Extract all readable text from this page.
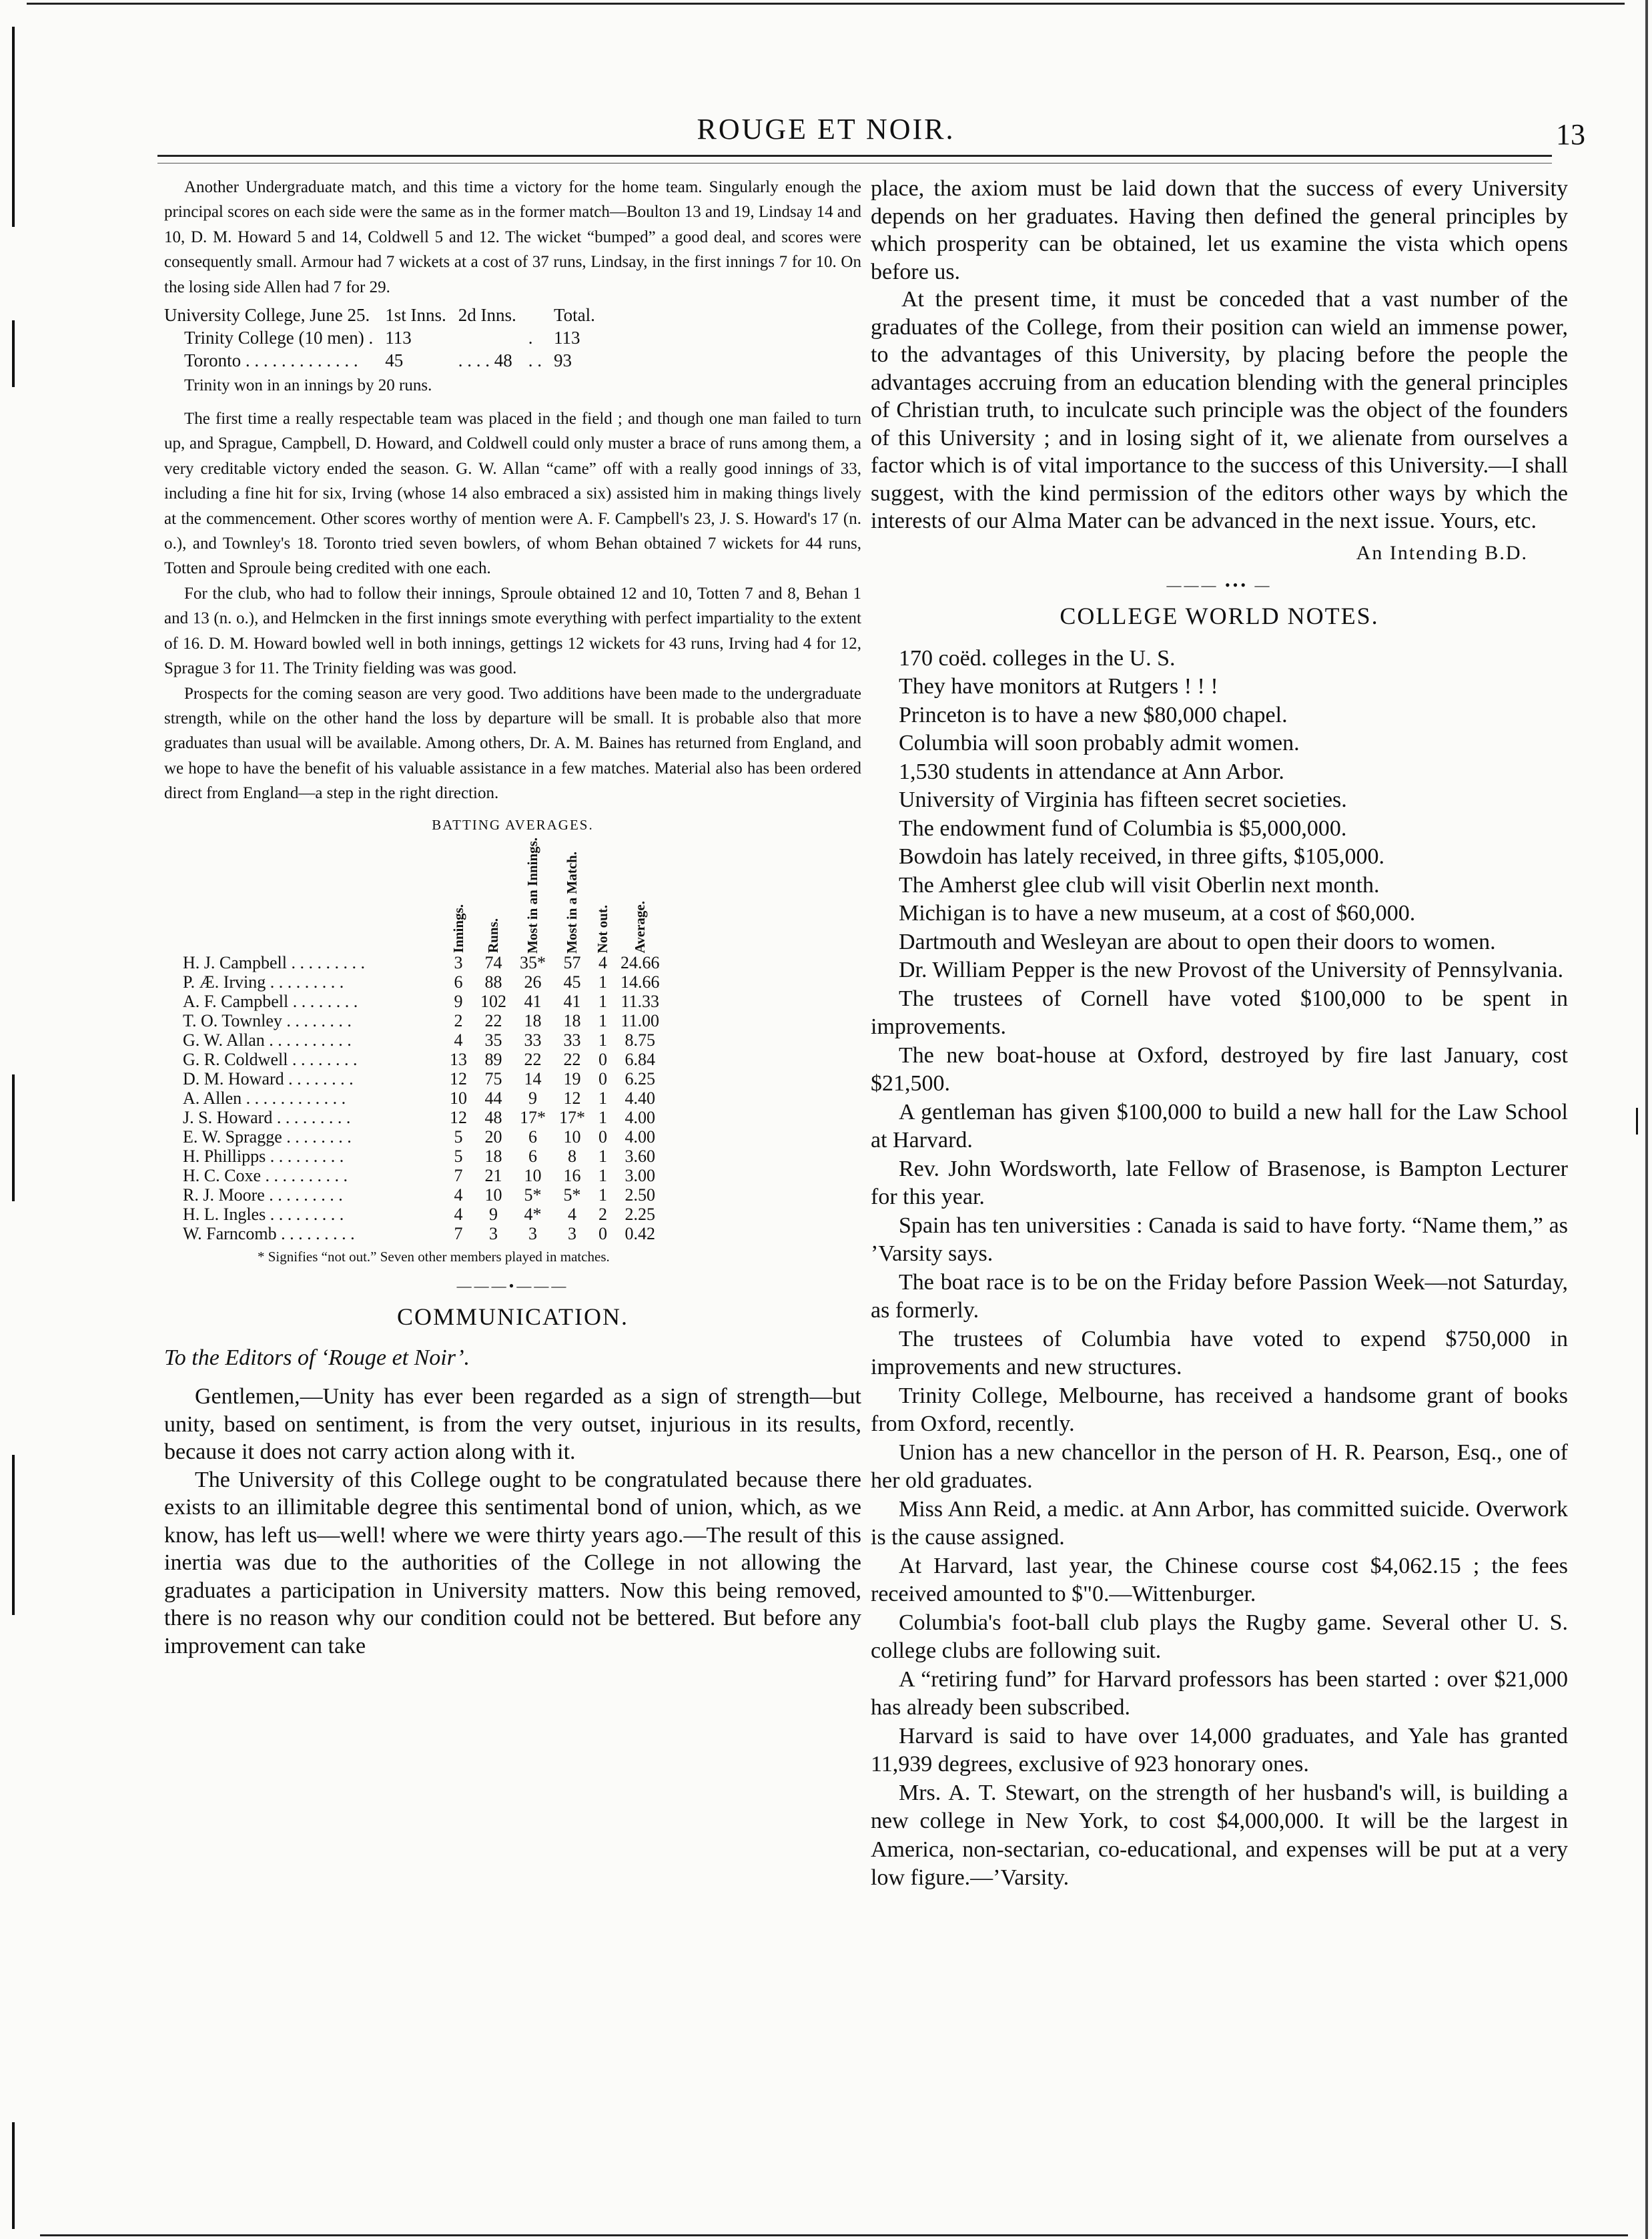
ROUGE ET NOIR.	13

Another Undergraduate match, and this time a victory for the home team. Singularly enough the principal scores on each side were the same as in the former match—Boulton 13 and 19, Lindsay 14 and 10, D. M. Howard 5 and 14, Coldwell 5 and 12. The wicket “bumped” a good deal, and scores were consequently small. Armour had 7 wickets at a cost of 37 runs, Lindsay, in the first innings 7 for 10. On the losing side Allen had 7 for 29.

University College, June 25.	1st Inns.	2d Inns.		Total.
Trinity College (10 men) .	113		.	113
Toronto . . . . . . . . . . . . .	45	. . . . 48	. .	93

Trinity won in an innings by 20 runs.

The first time a really respectable team was placed in the field ; and though one man failed to turn up, and Sprague, Campbell, D. Howard, and Coldwell could only muster a brace of runs among them, a very creditable victory ended the season. G. W. Allan “came” off with a really good innings of 33, including a fine hit for six, Irving (whose 14 also embraced a six) assisted him in making things lively at the commencement. Other scores worthy of mention were A. F. Campbell's 23, J. S. Howard's 17 (n. o.), and Townley's 18. Toronto tried seven bowlers, of whom Behan obtained 7 wickets for 44 runs, Totten and Sproule being credited with one each.

For the club, who had to follow their innings, Sproule obtained 12 and 10, Totten 7 and 8, Behan 1 and 13 (n. o.), and Helmcken in the first innings smote everything with perfect impartiality to the extent of 16. D. M. Howard bowled well in both innings, gettings 12 wickets for 43 runs, Irving had 4 for 12, Sprague 3 for 11. The Trinity fielding was was good.

Prospects for the coming season are very good. Two additions have been made to the undergraduate strength, while on the other hand the loss by departure will be small. It is probable also that more graduates than usual will be available. Among others, Dr. A. M. Baines has returned from England, and we hope to have the benefit of his valuable assistance in a few matches. Material also has been ordered direct from England—a step in the right direction.

BATTING AVERAGES.

	Innings.	Runs.	Most in an Innings.	Most in a Match.	Not out.	Average.

H. J. Campbell . . . . . . . . .	3	74	35*	57	4	24.66
P. Æ. Irving . . . . . . . . .	6	88	26	45	1	14.66
A. F. Campbell . . . . . . . .	9	102	41	41	1	11.33
T. O. Townley . . . . . . . .	2	22	18	18	1	11.00
G. W. Allan . . . . . . . . . .	4	35	33	33	1	8.75
G. R. Coldwell . . . . . . . .	13	89	22	22	0	6.84
D. M. Howard . . . . . . . .	12	75	14	19	0	6.25
A. Allen . . . . . . . . . . . .	10	44	9	12	1	4.40
J. S. Howard . . . . . . . . .	12	48	17*	17*	1	4.00
E. W. Spragge . . . . . . . .	5	20	6	10	0	4.00
H. Phillipps . . . . . . . . .	5	18	6	8	1	3.60
H. C. Coxe . . . . . . . . . .	7	21	10	16	1	3.00
R. J. Moore . . . . . . . . .	4	10	5*	5*	1	2.50
H. L. Ingles . . . . . . . . .	4	9	4*	4	2	2.25
W. Farncomb . . . . . . . . .	7	3	3	3	0	0.42

* Signifies “not out.” Seven other members played in matches.

———•———
COMMUNICATION.

To the Editors of ‘Rouge et Noir’.

Gentlemen,—Unity has ever been regarded as a sign of strength—but unity, based on sentiment, is from the very outset, injurious in its results, because it does not carry action along with it.

The University of this College ought to be congratulated because there exists to an illimitable degree this sentimental bond of union, which, as we know, has left us—well! where we were thirty years ago.—The result of this inertia was due to the authorities of the College in not allowing the graduates a participation in University matters. Now this being removed, there is no reason why our condition could not be bettered. But before any improvement can take

place, the axiom must be laid down that the success of every University depends on her graduates. Having then defined the general principles by which prosperity can be obtained, let us examine the vista which opens before us.

At the present time, it must be conceded that a vast number of the graduates of the College, from their position can wield an immense power, to the advantages of this University, by placing before the people the advantages accruing from an education blending with the general principles of Christian truth, to inculcate such principle was the object of the founders of this University ; and in losing sight of it, we alienate from ourselves a factor which is of vital importance to the success of this University.—I shall suggest, with the kind permission of the editors other ways by which the interests of our Alma Mater can be advanced in the next issue. Yours, etc.

An Intending B.D.

——— ••• —
COLLEGE WORLD NOTES.

170 coëd. colleges in the U. S.

They have monitors at Rutgers ! ! !

Princeton is to have a new $80,000 chapel.

Columbia will soon probably admit women.

1,530 students in attendance at Ann Arbor.

University of Virginia has fifteen secret societies.

The endowment fund of Columbia is $5,000,000.

Bowdoin has lately received, in three gifts, $105,000.

The Amherst glee club will visit Oberlin next month.

Michigan is to have a new museum, at a cost of $60,000.

Dartmouth and Wesleyan are about to open their doors to women.

Dr. William Pepper is the new Provost of the University of Pennsylvania.

The trustees of Cornell have voted $100,000 to be spent in improvements.

The new boat-house at Oxford, destroyed by fire last January, cost $21,500.

A gentleman has given $100,000 to build a new hall for the Law School at Harvard.

Rev. John Wordsworth, late Fellow of Brasenose, is Bampton Lecturer for this year.

Spain has ten universities : Canada is said to have forty. “Name them,” as ’Varsity says.

The boat race is to be on the Friday before Passion Week—not Saturday, as formerly.

The trustees of Columbia have voted to expend $750,000 in improvements and new structures.

Trinity College, Melbourne, has received a handsome grant of books from Oxford, recently.

Union has a new chancellor in the person of H. R. Pearson, Esq., one of her old graduates.

Miss Ann Reid, a medic. at Ann Arbor, has committed suicide. Overwork is the cause assigned.

At Harvard, last year, the Chinese course cost $4,062.15 ; the fees received amounted to $"0.—Wittenburger.

Columbia's foot-ball club plays the Rugby game. Several other U. S. college clubs are following suit.

A “retiring fund” for Harvard professors has been started : over $21,000 has already been subscribed.

Harvard is said to have over 14,000 graduates, and Yale has granted 11,939 degrees, exclusive of 923 honorary ones.

Mrs. A. T. Stewart, on the strength of her husband's will, is building a new college in New York, to cost $4,000,000. It will be the largest in America, non-sectarian, co-educational, and expenses will be put at a very low figure.—’Varsity.
